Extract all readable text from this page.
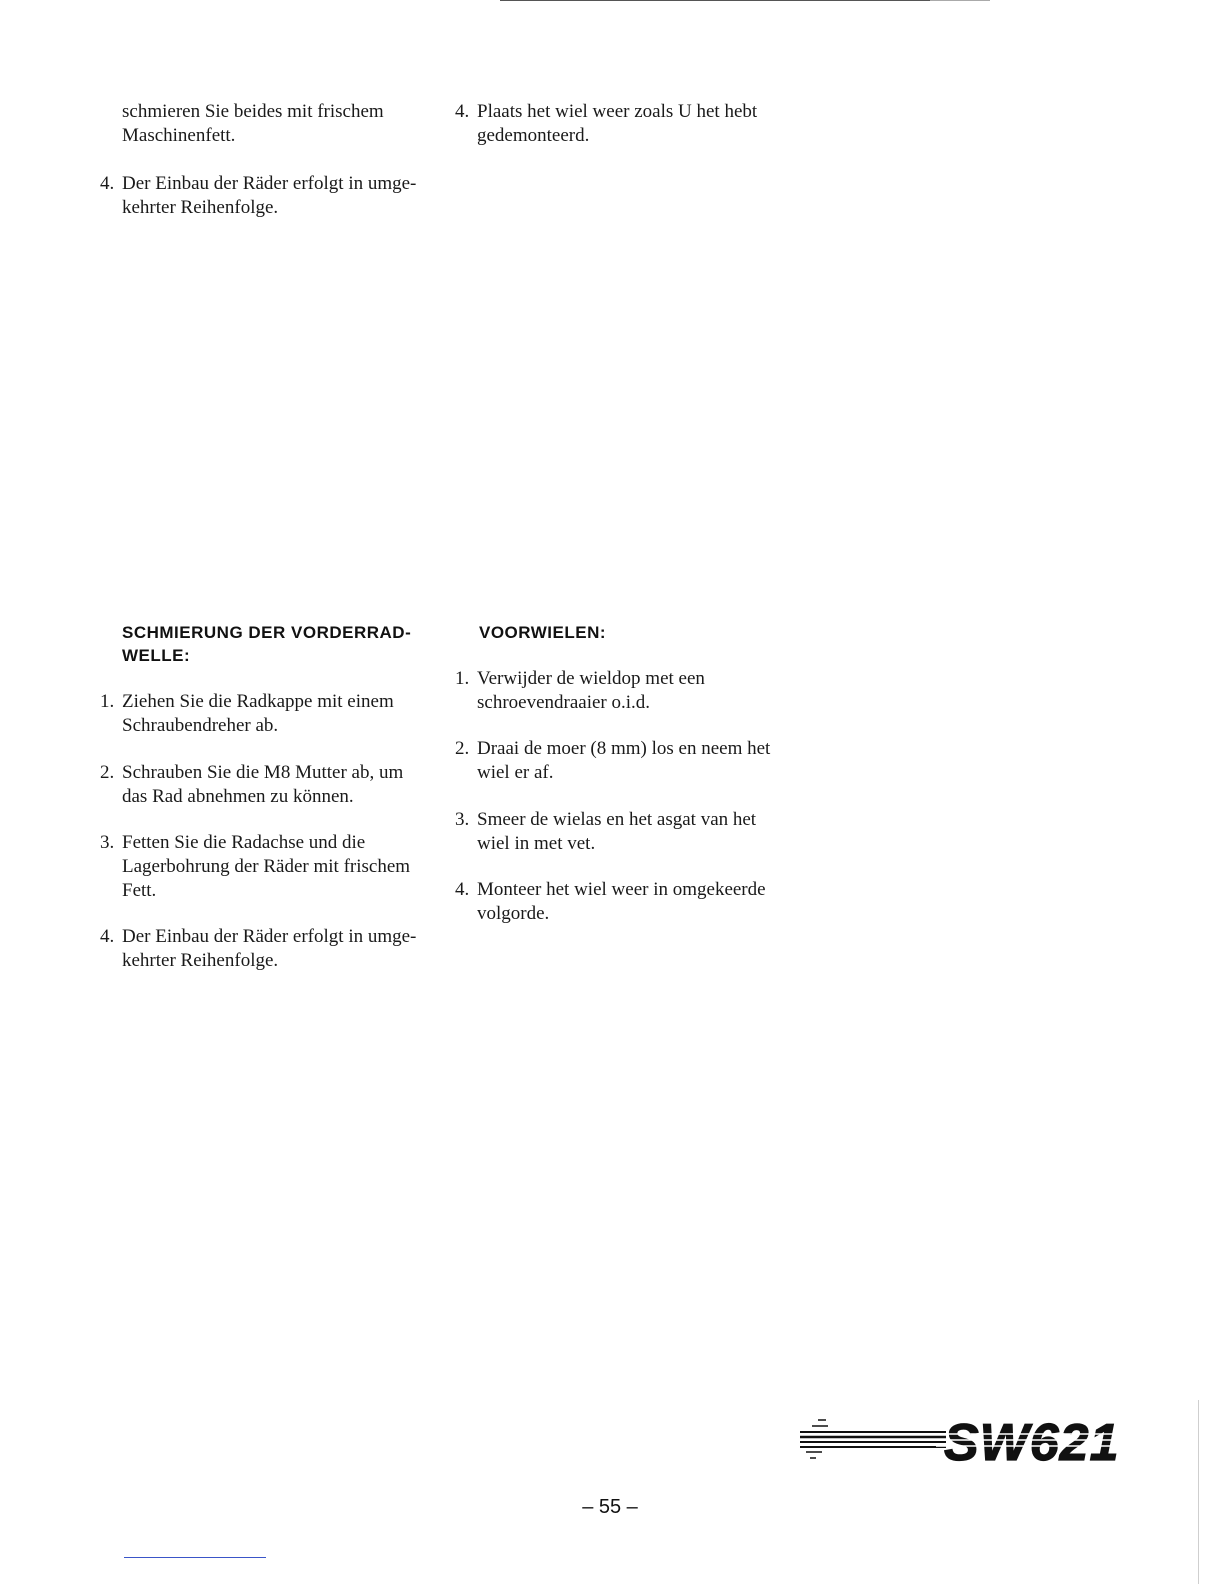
schmieren Sie beides mit frischem
Maschinenfett.
4. Der Einbau der Räder erfolgt in umge-
kehrter Reihenfolge.
SCHMIERUNG DER VORDERRAD-
WELLE:
1. Ziehen Sie die Radkappe mit einem
Schraubendreher ab.
2. Schrauben Sie die M8 Mutter ab, um
das Rad abnehmen zu können.
3. Fetten Sie die Radachse und die
Lagerbohrung der Räder mit frischem
Fett.
4. Der Einbau der Räder erfolgt in umge-
kehrter Reihenfolge.
4. Plaats het wiel weer zoals U het hebt
gedemonteerd.
VOORWIELEN:
1. Verwijder de wieldop met een
schroevendraaier o.i.d.
2. Draai de moer (8 mm) los en neem het
wiel er af.
3. Smeer de wielas en het asgat van het
wiel in met vet.
4. Monteer het wiel weer in omgekeerde
volgorde.
SW621
– 55 –
